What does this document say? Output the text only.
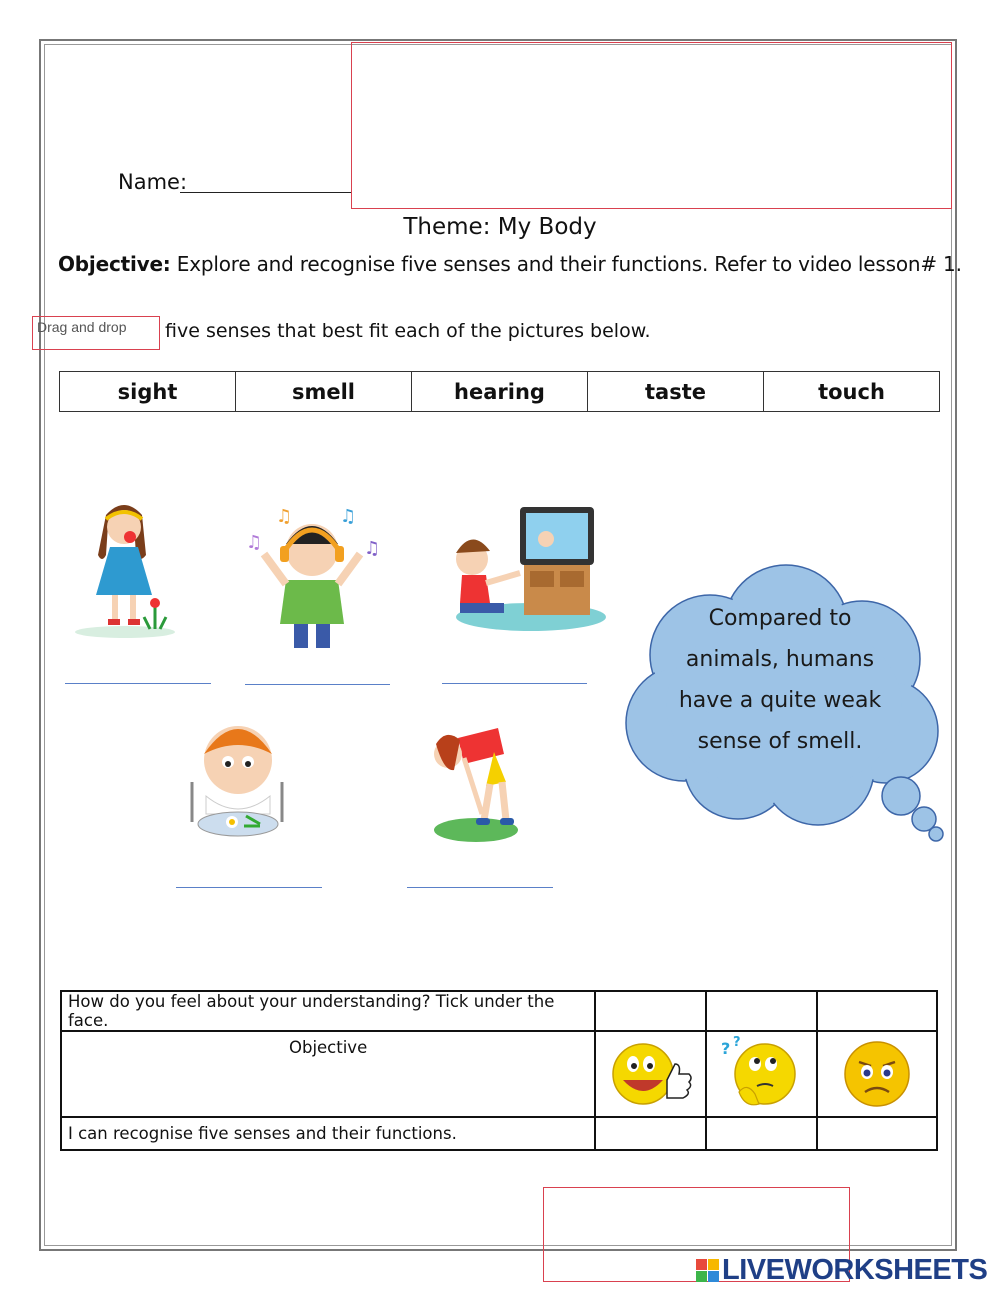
Name:
Theme: My Body
Objective: Explore and recognise five senses and their functions. Refer to video lesson# 1.
Drag and drop five senses that best fit each of the pictures below.
sight	smell	hearing	taste	touch
♫
♫	♫
♫
Compared to animals, humans have a quite weak sense of smell.
How do you feel about your understanding? Tick under the face.			
Objective		? ?

I can recognise five senses and their functions.			
LIVEWORKSHEETS
